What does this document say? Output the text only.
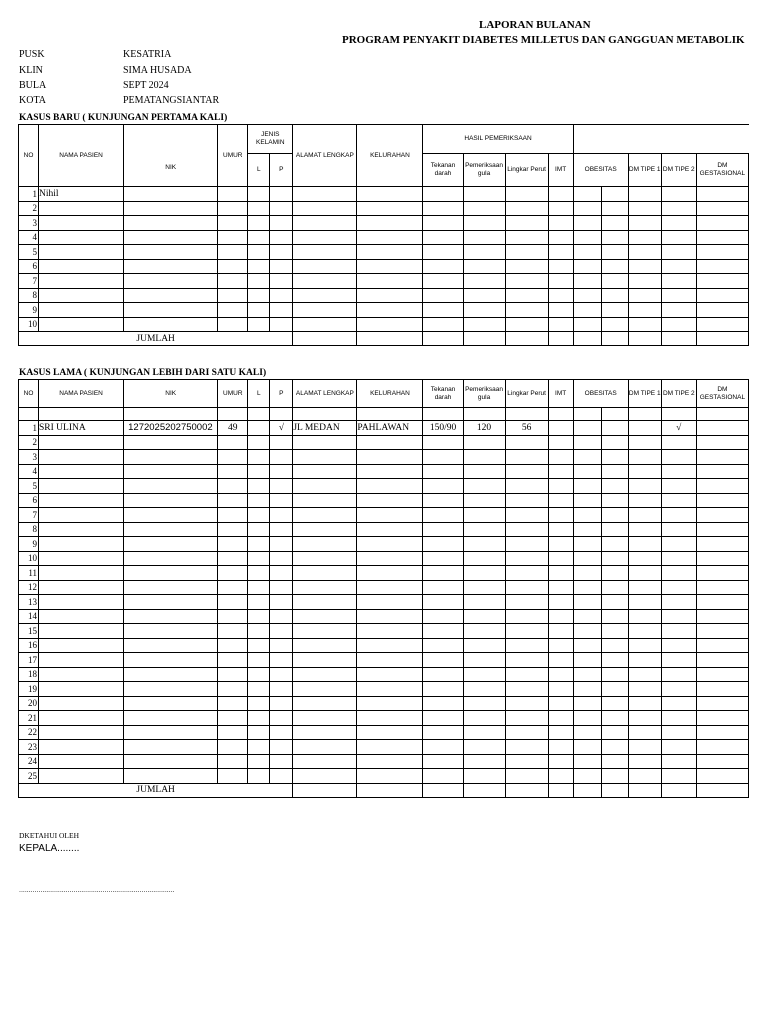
LAPORAN BULANAN
PROGRAM PENYAKIT DIABETES MILLETUS DAN GANGGUAN METABOLIK
PUSK	KESATRIA
KLIN	SIMA HUSADA
BULA	SEPT 2024
KOTA	PEMATANGSIANTAR
KASUS BARU ( KUNJUNGAN PERTAMA KALI)
NO	NAMA PASIEN	NIK	UMUR	JENIS KELAMIN		ALAMAT LENGKAP	KELURAHAN	HASIL PEMERIKSAAN								
				L	P			Tekanan darah	Pemeriksaan gula	Lingkar Perut	IMT	OBESITAS		DM TIPE 1	DM TIPE 2	DM GESTASIONAL
1	Nihil															
2																
3																
4																
5																
6																
7																
8																
9																
10																
JUMLAH																
KASUS LAMA ( KUNJUNGAN LEBIH DARI SATU KALI)
NO	NAMA PASIEN	NIK	UMUR	L	P	ALAMAT LENGKAP	KELURAHAN	Tekanan darah	Pemeriksaan gula	Lingkar Perut	IMT	OBESITAS		DM TIPE 1	DM TIPE 2	DM GESTASIONAL

1	SRI ULINA	1272025202750002	49		√	JL MEDAN	PAHLAWAN	150/90	120	56					√	
2																
3																
4																
5																
6																
7																
8																
9																
10																
11																
12																
13																
14																
15																
16																
17																
18																
19																
20																
21																
22																
23																
24																
25																
JUMLAH																
DKETAHUI OLEH
KEPALA........
................................................................................
